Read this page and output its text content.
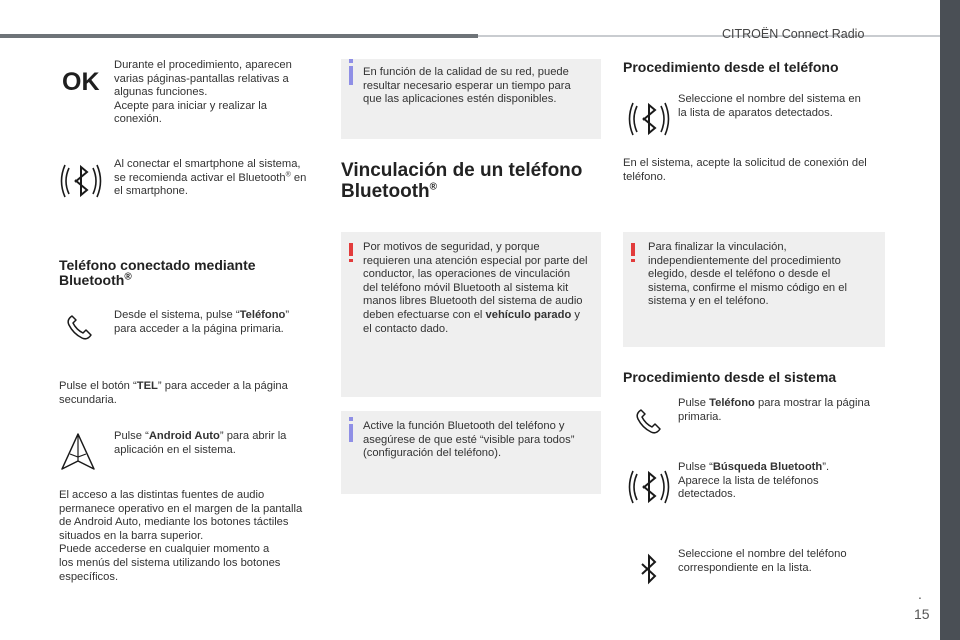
CITROËN Connect Radio
.
15
OK
Durante el procedimiento, aparecen
varias páginas-pantallas relativas a
algunas funciones.
Acepte para iniciar y realizar la
conexión.
Al conectar el smartphone al sistema,
se recomienda activar el Bluetooth® en
el smartphone.
Teléfono conectado mediante
Bluetooth®
Desde el sistema, pulse “Teléfono”
para acceder a la página primaria.
Pulse el botón “TEL” para acceder a la página
secundaria.
Pulse “Android Auto” para abrir la
aplicación en el sistema.
El acceso a las distintas fuentes de audio
permanece operativo en el margen de la pantalla
de Android Auto, mediante los botones táctiles
situados en la barra superior.
Puede accederse en cualquier momento a
los menús del sistema utilizando los botones
específicos.
En función de la calidad de su red, puede
resultar necesario esperar un tiempo para
que las aplicaciones estén disponibles.
Vinculación de un teléfono
Bluetooth®
Por motivos de seguridad, y porque
requieren una atención especial por parte del
conductor, las operaciones de vinculación
del teléfono móvil Bluetooth al sistema kit
manos libres Bluetooth del sistema de audio
deben efectuarse con el vehículo parado y
el contacto dado.
Active la función Bluetooth del teléfono y
asegúrese de que esté “visible para todos”
(configuración del teléfono).
Procedimiento desde el teléfono
Seleccione el nombre del sistema en
la lista de aparatos detectados.
En el sistema, acepte la solicitud de conexión del
teléfono.
Para finalizar la vinculación,
independientemente del procedimiento
elegido, desde el teléfono o desde el
sistema, confirme el mismo código en el
sistema y en el teléfono.
Procedimiento desde el sistema
Pulse Teléfono para mostrar la página
primaria.
Pulse “Búsqueda Bluetooth”.
Aparece la lista de teléfonos
detectados.
Seleccione el nombre del teléfono
correspondiente en la lista.
